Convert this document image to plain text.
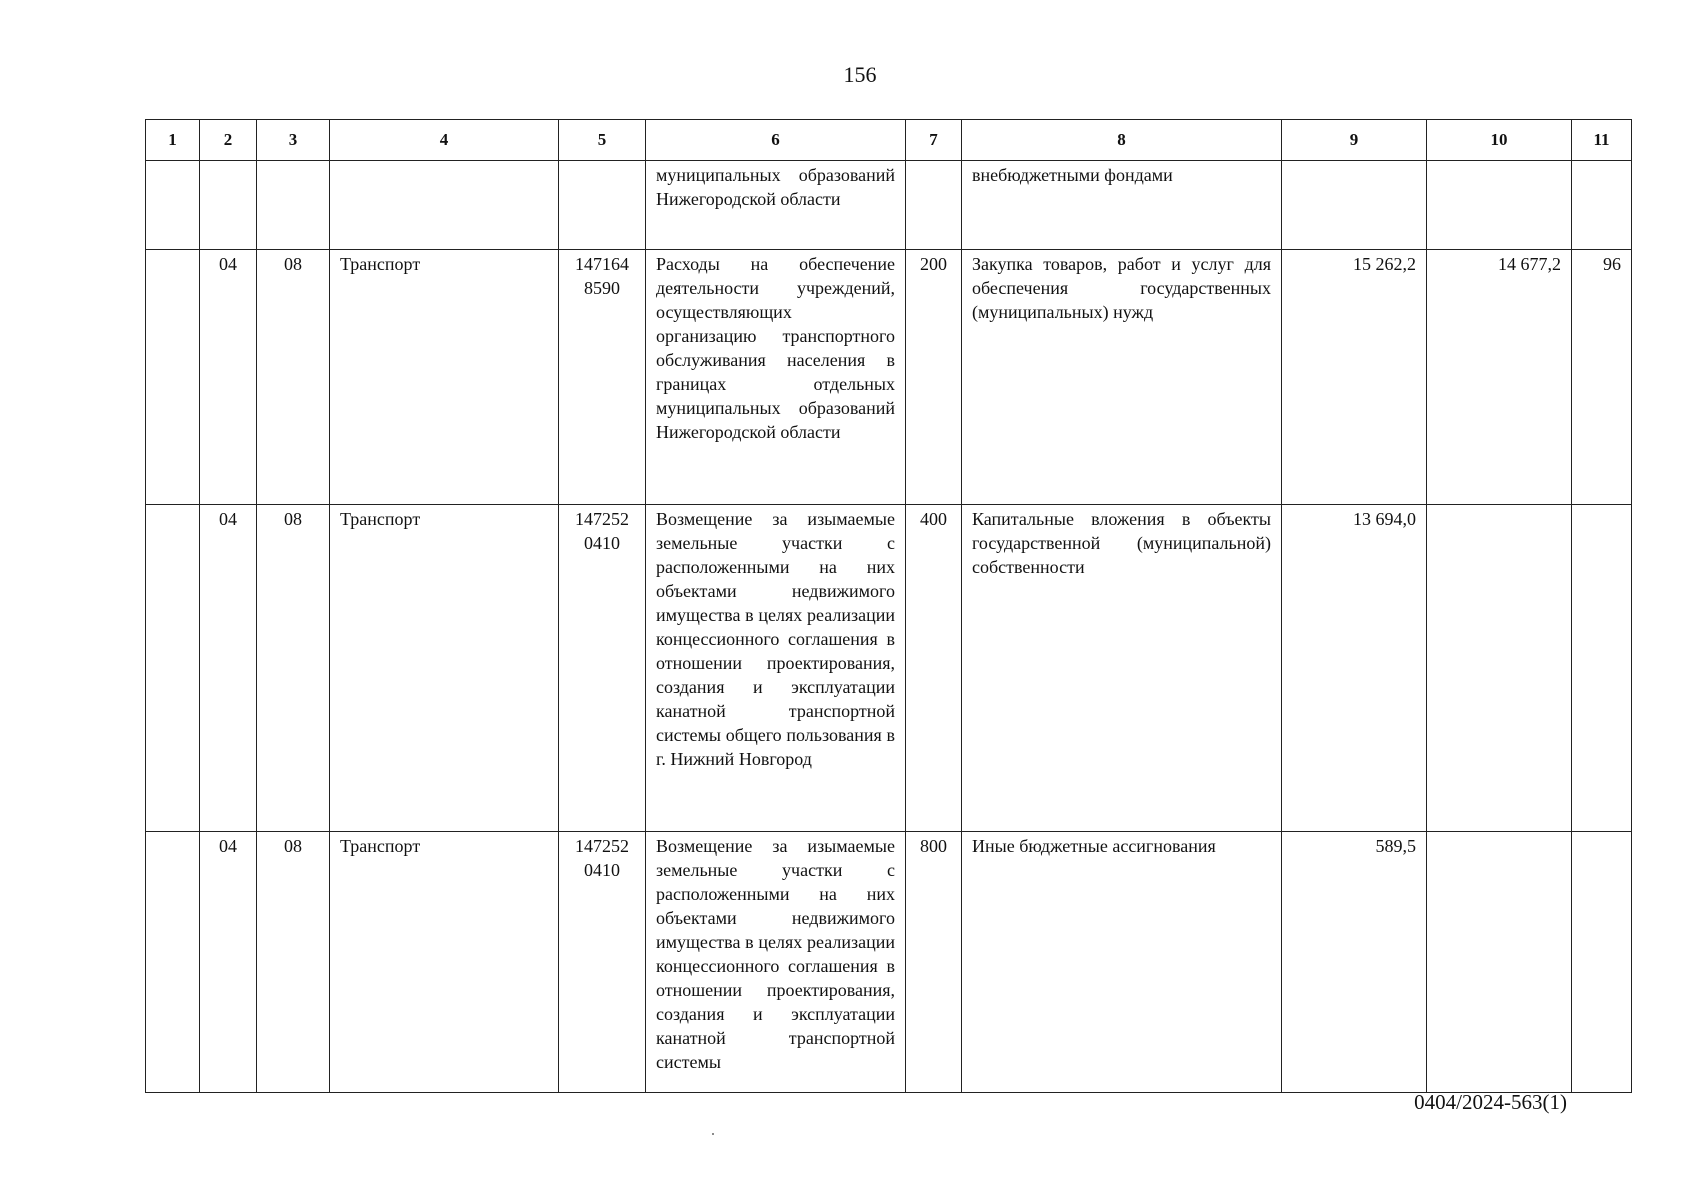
156
1	2	3	4	5	6	7	8	9	10	11
					муниципальных образований Нижегородской области		внебюджетными фондами			
	04	08	Транспорт	147164 8590	Расходы на обеспечение деятельности учреждений, осуществляющих организацию транспортного обслуживания населения в границах отдельных муниципальных образований Нижегородской области	200	Закупка товаров, работ и услуг для обеспечения государственных (муниципальных) нужд	15 262,2	14 677,2	96
	04	08	Транспорт	147252 0410	Возмещение за изымаемые земельные участки с расположенными на них объектами недвижимого имущества в целях реализации концессионного соглашения в отношении проектирования, создания и эксплуатации канатной транспортной системы общего пользования в г. Нижний Новгород	400	Капитальные вложения в объекты государственной (муниципальной) собственности	13 694,0		
	04	08	Транспорт	147252 0410	Возмещение за изымаемые земельные участки с расположенными на них объектами недвижимого имущества в целях реализации концессионного соглашения в отношении проектирования, создания и эксплуатации канатной транспортной системы	800	Иные бюджетные ассигнования	589,5		
0404/2024-563(1)
